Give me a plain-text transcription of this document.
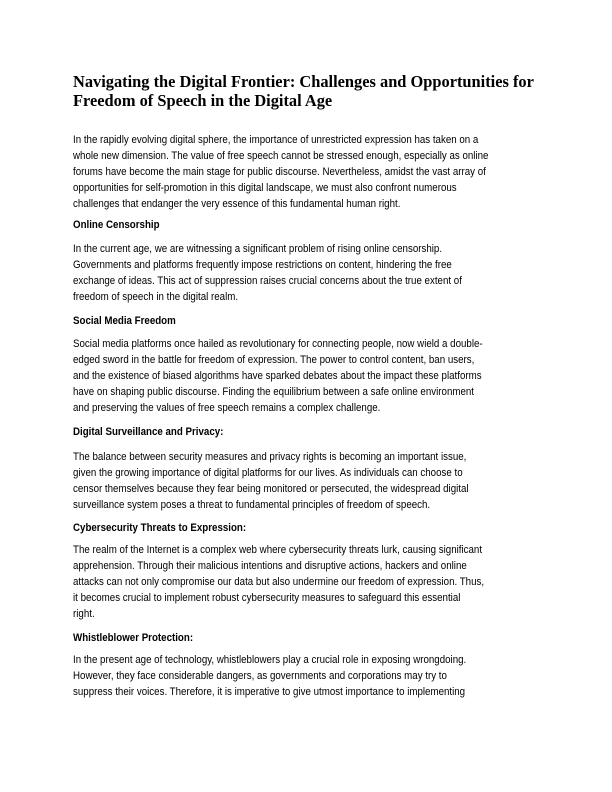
Navigating the Digital Frontier: Challenges and Opportunities for
Freedom of Speech in the Digital Age
In the rapidly evolving digital sphere, the importance of unrestricted expression has taken on a
whole new dimension. The value of free speech cannot be stressed enough, especially as online
forums have become the main stage for public discourse. Nevertheless, amidst the vast array of
opportunities for self-promotion in this digital landscape, we must also confront numerous
challenges that endanger the very essence of this fundamental human right.
Online Censorship
In the current age, we are witnessing a significant problem of rising online censorship.
Governments and platforms frequently impose restrictions on content, hindering the free
exchange of ideas. This act of suppression raises crucial concerns about the true extent of
freedom of speech in the digital realm.
Social Media Freedom
Social media platforms once hailed as revolutionary for connecting people, now wield a double-
edged sword in the battle for freedom of expression. The power to control content, ban users,
and the existence of biased algorithms have sparked debates about the impact these platforms
have on shaping public discourse. Finding the equilibrium between a safe online environment
and preserving the values of free speech remains a complex challenge.
Digital Surveillance and Privacy:
The balance between security measures and privacy rights is becoming an important issue,
given the growing importance of digital platforms for our lives. As individuals can choose to
censor themselves because they fear being monitored or persecuted, the widespread digital
surveillance system poses a threat to fundamental principles of freedom of speech.
Cybersecurity Threats to Expression:
The realm of the Internet is a complex web where cybersecurity threats lurk, causing significant
apprehension. Through their malicious intentions and disruptive actions, hackers and online
attacks can not only compromise our data but also undermine our freedom of expression. Thus,
it becomes crucial to implement robust cybersecurity measures to safeguard this essential
right.
Whistleblower Protection:
In the present age of technology, whistleblowers play a crucial role in exposing wrongdoing.
However, they face considerable dangers, as governments and corporations may try to
suppress their voices. Therefore, it is imperative to give utmost importance to implementing
